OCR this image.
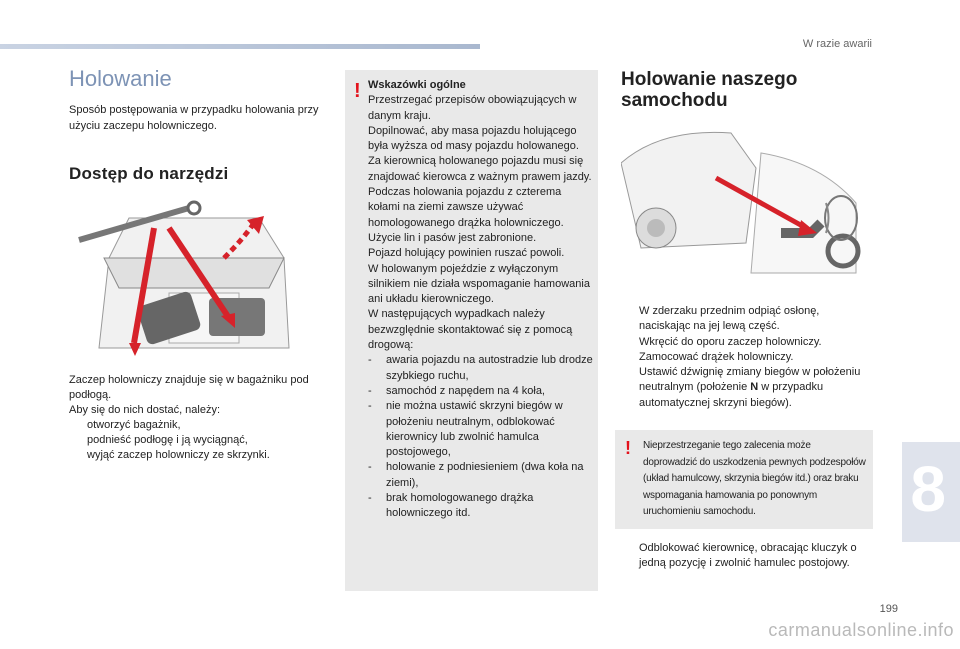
W razie awarii
Holowanie
Sposób postępowania w przypadku holowania przy użyciu zaczepu holowniczego.
Dostęp do narzędzi
Zaczep holowniczy znajduje się w bagażniku pod podłogą.
Aby się do nich dostać, należy:
otworzyć bagażnik,
podnieść podłogę i ją wyciągnąć,
wyjąć zaczep holowniczy ze skrzynki.
! Wskazówki ogólne
Przestrzegać przepisów obowiązujących w danym kraju.
Dopilnować, aby masa pojazdu holującego była wyższa od masy pojazdu holowanego.
Za kierownicą holowanego pojazdu musi się znajdować kierowca z ważnym prawem jazdy.
Podczas holowania pojazdu z czterema kołami na ziemi zawsze używać homologowanego drążka holowniczego.
Użycie lin i pasów jest zabronione.
Pojazd holujący powinien ruszać powoli.
W holowanym pojeździe z wyłączonym silnikiem nie działa wspomaganie hamowania ani układu kierowniczego.
W następujących wypadkach należy bezwzględnie skontaktować się z pomocą drogową:
-	awaria pojazdu na autostradzie lub drodze szybkiego ruchu,
-	samochód z napędem na 4 koła,
-	nie można ustawić skrzyni biegów w położeniu neutralnym, odblokować kierownicy lub zwolnić hamulca postojowego,
-	holowanie z podniesieniem (dwa koła na ziemi),
-	brak homologowanego drążka holowniczego itd.
Holowanie naszego
samochodu
W zderzaku przednim odpiąć osłonę, naciskając na jej lewą część.
Wkręcić do oporu zaczep holowniczy.
Zamocować drążek holowniczy.
Ustawić dźwignię zmiany biegów w położeniu neutralnym (położenie N w przypadku automatycznej skrzyni biegów).
! Nieprzestrzeganie tego zalecenia może doprowadzić do uszkodzenia pewnych podzespołów (układ hamulcowy, skrzynia biegów itd.) oraz braku wspomagania hamowania po ponownym uruchomieniu samochodu.
Odblokować kierownicę, obracając kluczyk o jedną pozycję i zwolnić hamulec postojowy.
8
199
carmanualsonline.info
